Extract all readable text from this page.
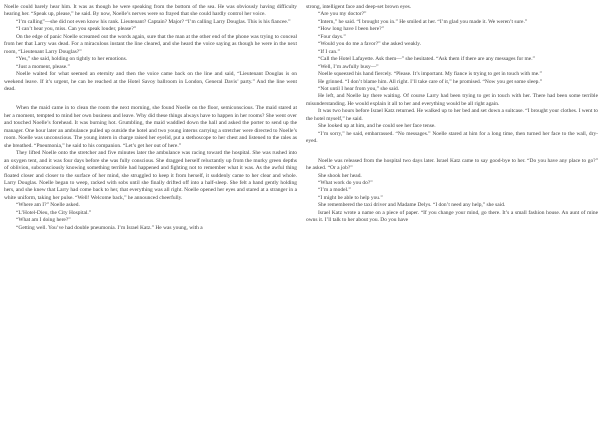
Noelle could barely hear him. It was as though he were speaking from the bottom of the sea. He was obviously having difficulty hearing her. “Speak up, please,” he said. By now, Noelle’s nerves were so frayed that she could hardly control her voice.

“I’m calling”—she did not even know his rank. Lieutenant? Captain? Major? “I’m calling Larry Douglas. This is his fiancee.”

“I can’t hear you, miss. Can you speak louder, please?”

On the edge of panic Noelle screamed out the words again, sure that the man at the other end of the phone was trying to conceal from her that Larry was dead. For a miraculous instant the line cleared, and she heard the voice saying as though he were in the next room, “Lieutenant Larry Douglas?”

“Yes,” she said, holding on tightly to her emotions.

“Just a moment, please.”

Noelle waited for what seemed an eternity and then the voice came back on the line and said, “Lieutenant Douglas is on weekend leave. If it’s urgent, he can be reached at the Hotel Savoy ballroom in London, General Davis’ party.” And the line went dead.

When the maid came in to clean the room the next morning, she found Noelle on the floor, semiconscious. The maid stared at her a moment, tempted to mind her own business and leave. Why did these things always have to happen in her rooms? She went over and touched Noelle’s forehead. It was burning hot. Grumbling, the maid waddled down the hall and asked the porter to send up the manager. One hour later an ambulance pulled up outside the hotel and two young interns carrying a stretcher were directed to Noelle’s room. Noelle was unconscious. The young intern in charge raised her eyelid, put a stethoscope to her chest and listened to the rales as she breathed. “Pneumonia,” he said to his companion. “Let’s get her out of here.”

They lifted Noelle onto the stretcher and five minutes later the ambulance was racing toward the hospital. She was rushed into an oxygen tent, and it was four days before she was fully conscious. She dragged herself reluctantly up from the murky green depths of oblivion, subconsciously knowing something terrible had happened and fighting not to remember what it was. As the awful thing floated closer and closer to the surface of her mind, she struggled to keep it from herself, it suddenly came to her clear and whole. Larry Douglas. Noelle began to weep, racked with sobs until she finally drifted off into a half-sleep. She felt a hand gently holding hers, and she knew that Larry had come back to her, that everything was all right. Noelle opened her eyes and stared at a stranger in a white uniform, taking her pulse. “Well! Welcome back,” he announced cheerfully.

“Where am I?” Noelle asked.

“L’Hotel-Dieu, the City Hospital.”

“What am I doing here?”

“Getting well. You’ve had double pneumonia. I’m Israel Katz.” He was young, with a

strong, intelligent face and deep-set brown eyes.

“Are you my doctor?”

“Intern,” he said. “I brought you in.” He smiled at her. “I’m glad you made it. We weren’t sure.”

“How long have I been here?”

“Four days.”

“Would you do me a favor?” she asked weakly.

“If I can.”

“Call the Hotel Lafayette. Ask them—” she hesitated. “Ask them if there are any messages for me.”

“Well, I’m awfully busy—”

Noelle squeezed his hand fiercely. “Please. It’s important. My fiance is trying to get in touch with me.”

He grinned. “I don’t blame him. All right. I’ll take care of it,” he promised. “Now you get some sleep.”

“Not until I hear from you,” she said.

He left, and Noelle lay there waiting. Of course Larry had been trying to get in touch with her. There had been some terrible misunderstanding. He would explain it all to her and everything would be all right again.

It was two hours before Israel Katz returned. He walked up to her bed and set down a suitcase. “I brought your clothes. I went to the hotel myself,” he said.

She looked up at him, and he could see her face tense.

“I’m sorry,” he said, embarrassed. “No messages.” Noelle stared at him for a long time, then turned her face to the wall, dry-eyed.

Noelle was released from the hospital two days later. Israel Katz came to say good-bye to her. “Do you have any place to go?” he asked. “Or a job?”

She shook her head.

“What work do you do?”

“I’m a model.”

“I might be able to help you.”

She remembered the taxi driver and Madame Delys. “I don’t need any help,” she said.

Israel Katz wrote a name on a piece of paper. “If you change your mind, go there. It’s a small fashion house. An aunt of mine owns it. I’ll talk to her about you. Do you have
